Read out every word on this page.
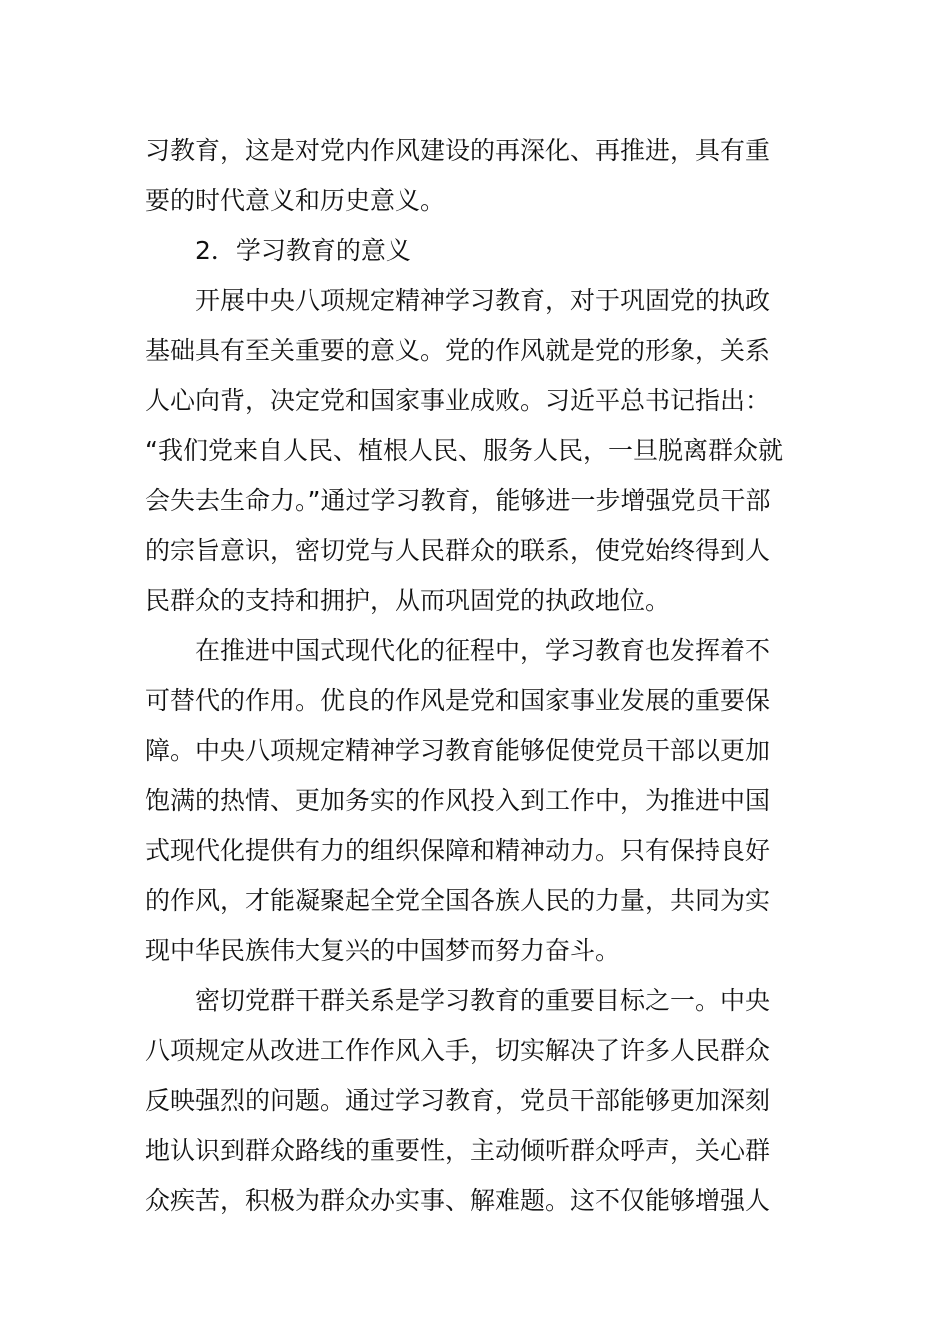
习教育，这是对党内作风建设的再深化、再推进，具有重
要的时代意义和历史意义。
2．学习教育的意义
开展中央八项规定精神学习教育，对于巩固党的执政
基础具有至关重要的意义。党的作风就是党的形象，关系
人心向背，决定党和国家事业成败。习近平总书记指出：
“我们党来自人民、植根人民、服务人民，一旦脱离群众就
会失去生命力。”通过学习教育，能够进一步增强党员干部
的宗旨意识，密切党与人民群众的联系，使党始终得到人
民群众的支持和拥护，从而巩固党的执政地位。
在推进中国式现代化的征程中，学习教育也发挥着不
可替代的作用。优良的作风是党和国家事业发展的重要保
障。中央八项规定精神学习教育能够促使党员干部以更加
饱满的热情、更加务实的作风投入到工作中，为推进中国
式现代化提供有力的组织保障和精神动力。只有保持良好
的作风，才能凝聚起全党全国各族人民的力量，共同为实
现中华民族伟大复兴的中国梦而努力奋斗。
密切党群干群关系是学习教育的重要目标之一。中央
八项规定从改进工作作风入手，切实解决了许多人民群众
反映强烈的问题。通过学习教育，党员干部能够更加深刻
地认识到群众路线的重要性，主动倾听群众呼声，关心群
众疾苦，积极为群众办实事、解难题。这不仅能够增强人
